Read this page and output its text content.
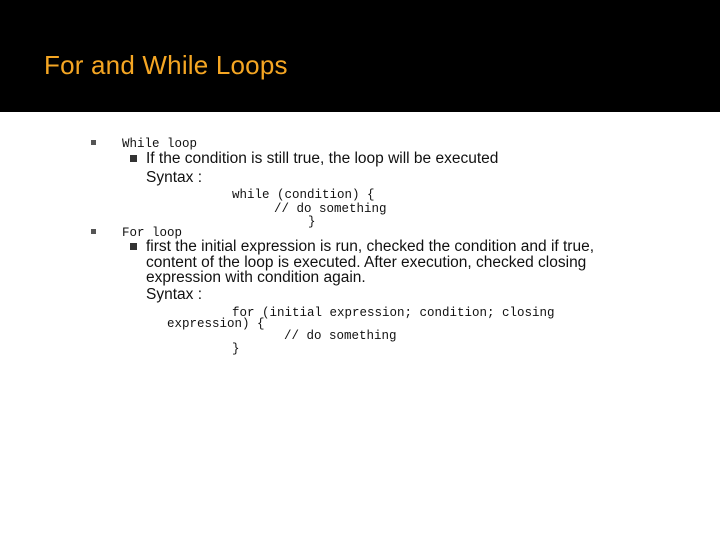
For and While Loops
While loop
If the condition is still true, the loop will be executed
Syntax :
while (condition) {
// do something
}
For loop
first the initial expression is run, checked the condition and if true,
content of the loop is executed. After execution, checked closing
expression with condition again.
Syntax :
for (initial expression; condition; closing
expression) {
// do something
}
